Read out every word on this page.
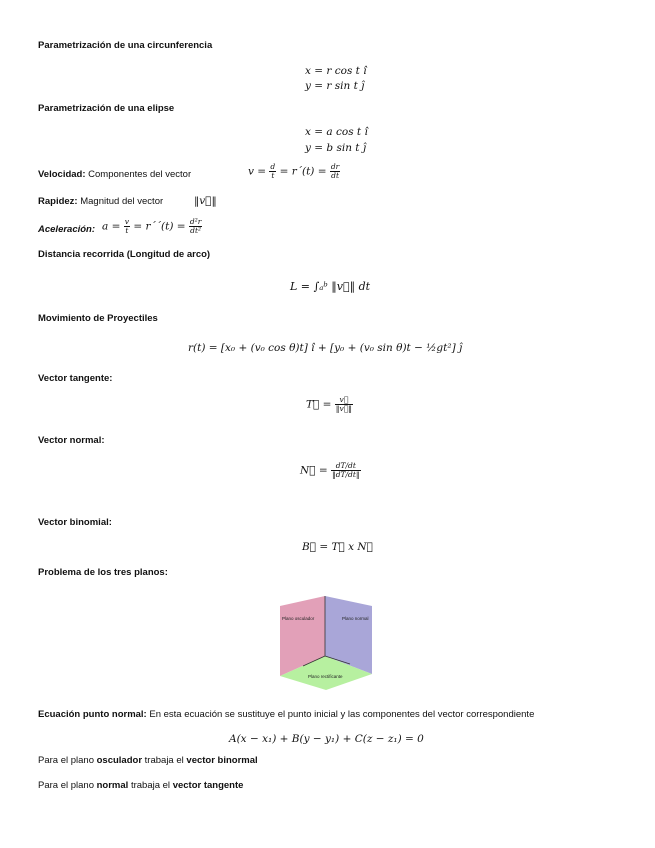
Parametrización de una circunferencia
x = r cos t î
y = r sin t ĵ
Parametrización de una elipse
x = a cos t î
y = b sin t ĵ
Velocidad: Componentes del vector	$v = \frac{d}{t}$ = r´(t) = $\frac{dr}{dt}$
Rapidez: Magnitud del vector	‖v⃗‖
Aceleración: $a = \frac{v}{t}$ = r´´(t) = $\frac{\text{d²r}}{\text{dt²}}$
Distancia recorrida (Longitud de arco)
L = ∫ₐᵇ ‖v⃗‖ dt
Movimiento de Proyectiles
r(t) = [x₀ + (v₀ cos θ)t] î + [y₀ + (v₀ sin θ)t − ½gt²] ĵ
Vector tangente:
T⃗ = $\frac{v⃗}{‖v⃗‖}$
Vector normal:
N⃗ = $\frac{dT/dt}{‖dT/dt‖}$
Vector binomial:
B⃗ = T⃗ x N⃗
Problema de los tres planos:
Plano osculador	Plano normal
Plano rectificante
Ecuación punto normal: En esta ecuación se sustituye el punto inicial y las componentes del vector correspondiente
A(x − x₁) + B(y − y₁) + C(z − z₁) = 0
Para el plano osculador trabaja el vector binormal
Para el plano normal trabaja el vector tangente
